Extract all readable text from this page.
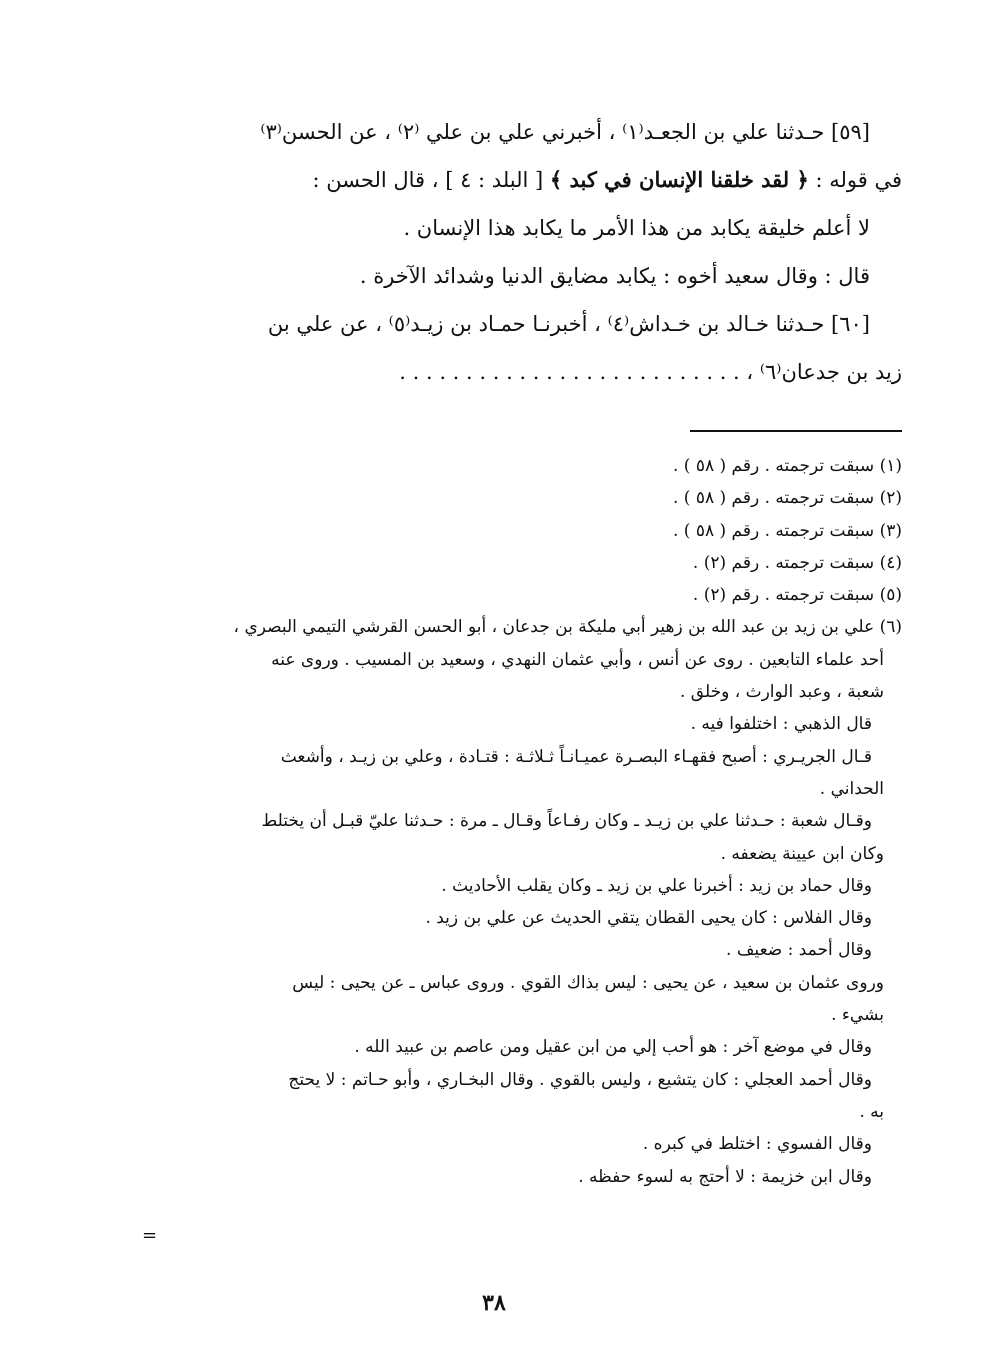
[٥٩] حـدثنا علي بن الجعـد⁽١⁾ ، أخبرني علي بن علي ⁽٢⁾ ، عن الحسن⁽٣⁾

في قوله : ﴿ لقد خلقنا الإنسان في كبد ﴾ [ البلد : ٤ ] ، قال الحسن :

لا أعلم خليقة يكابد من هذا الأمر ما يكابد هذا الإنسان .

قال : وقال سعيد أخوه : يكابد مضايق الدنيا وشدائد الآخرة .

[٦٠] حـدثنا خـالد بن خـداش⁽٤⁾ ، أخبرنـا حمـاد بن زيـد⁽٥⁾ ، عن علي بن

زيد بن جدعان⁽٦⁾ ، . . . . . . . . . . . . . . . . . . . . . . . . . .

(١) سبقت ترجمته . رقم ( ٥٨ ) .

(٢) سبقت ترجمته . رقم ( ٥٨ ) .

(٣) سبقت ترجمته . رقم ( ٥٨ ) .

(٤) سبقت ترجمته . رقم (٢) .

(٥) سبقت ترجمته . رقم (٢) .

(٦) علي بن زيد بن عبد الله بن زهير أبي مليكة بن جدعان ، أبو الحسن القرشي التيمي البصري ،

أحد علماء التابعين . روى عن أنس ، وأبي عثمان النهدي ، وسعيد بن المسيب . وروى عنه

شعبة ، وعبد الوارث ، وخلق .

قال الذهبي : اختلفوا فيه .

قـال الجريـري : أصبح فقهـاء البصـرة عميـانـاً ثـلاثـة : قتـادة ، وعلي بن زيـد ، وأشعث

الحداني .

وقـال شعبة : حـدثنا علي بن زيـد ـ وكان رفـاعاً وقـال ـ مرة : حـدثنا عليّ قبـل أن يختلط

وكان ابن عيينة يضعفه .

وقال حماد بن زيد : أخبرنا علي بن زيد ـ وكان يقلب الأحاديث .

وقال الفلاس : كان يحيى القطان يتقي الحديث عن علي بن زيد .

وقال أحمد : ضعيف .

وروى عثمان بن سعيد ، عن يحيى : ليس بذاك القوي . وروى عباس ـ عن يحيى : ليس

بشيء .

وقال في موضع آخر : هو أحب إلي من ابن عقيل ومن عاصم بن عبيد الله .

وقال أحمد العجلي : كان يتشيع ، وليس بالقوي . وقال البخـاري ، وأبو حـاتم : لا يحتج

به .

وقال الفسوي : اختلط في كبره .

وقال ابن خزيمة : لا أحتج به لسوء حفظه .

=
٣٨
